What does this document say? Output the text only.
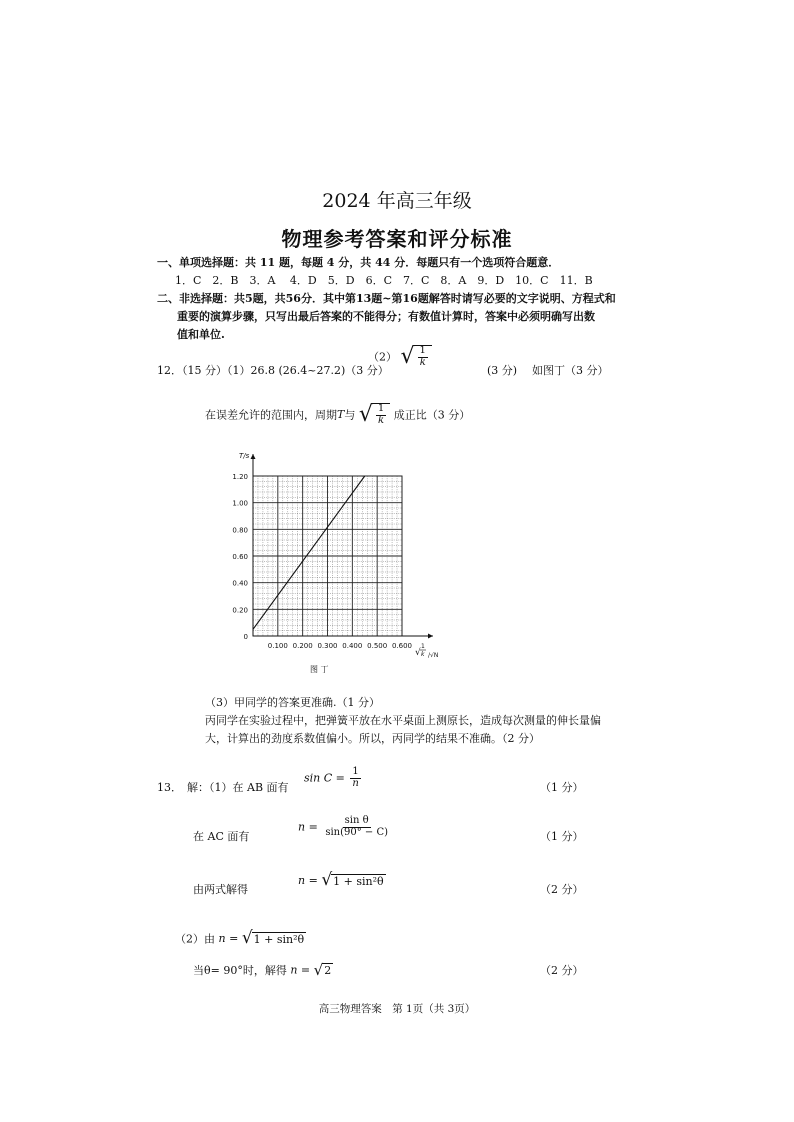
2024 年高三年级
物理参考答案和评分标准
一、单项选择题：共 11 题，每题 4 分，共 44 分．每题只有一个选项符合题意．
1．C　2．B　3．A　 4．D　5．D　6．C　7．C　8．A　9．D　10．C　11．B
二、非选择题：共5题，共56分．其中第13题~第16题解答时请写必要的文字说明、方程式和
重要的演算步骤，只写出最后答案的不能得分；有数值计算时，答案中必须明确写出数
值和单位.
12．（15 分）（1）26.8 (26.4~27.2)（3 分）
（2） √ $\frac{1}{k}$
(3 分) 如图丁（3 分）
在误差允许的范围内，周期T与 √ $\frac{1}{k}$ 成正比（3 分）
0
0.20
0.40
0.60
0.80
1.00
1.20
0.100 0.200 0.300 0.400 0.500 0.600
T/s
√
1
k /√N
图 丁
（3）甲同学的答案更准确.（1 分）
丙同学在实验过程中，把弹簧平放在水平桌面上测原长，造成每次测量的伸长量偏
大，计算出的劲度系数值偏小。所以，丙同学的结果不准确。（2 分）
13． 解：（1）在 AB 面有
$\sin C = \frac{1}{n}$	（1 分）
在 AC 面有
$n = \frac{\text{sin θ}}{\sin(90^\circ - C)}$	（1 分）
由两式解得
n = √ 1 + sin²θ
（2 分）
（2）由 n = √ 1 + sin²θ
当θ= 90°时，解得 n = √ 2	（2 分）
高三物理答案　第 1页（共 3页）
